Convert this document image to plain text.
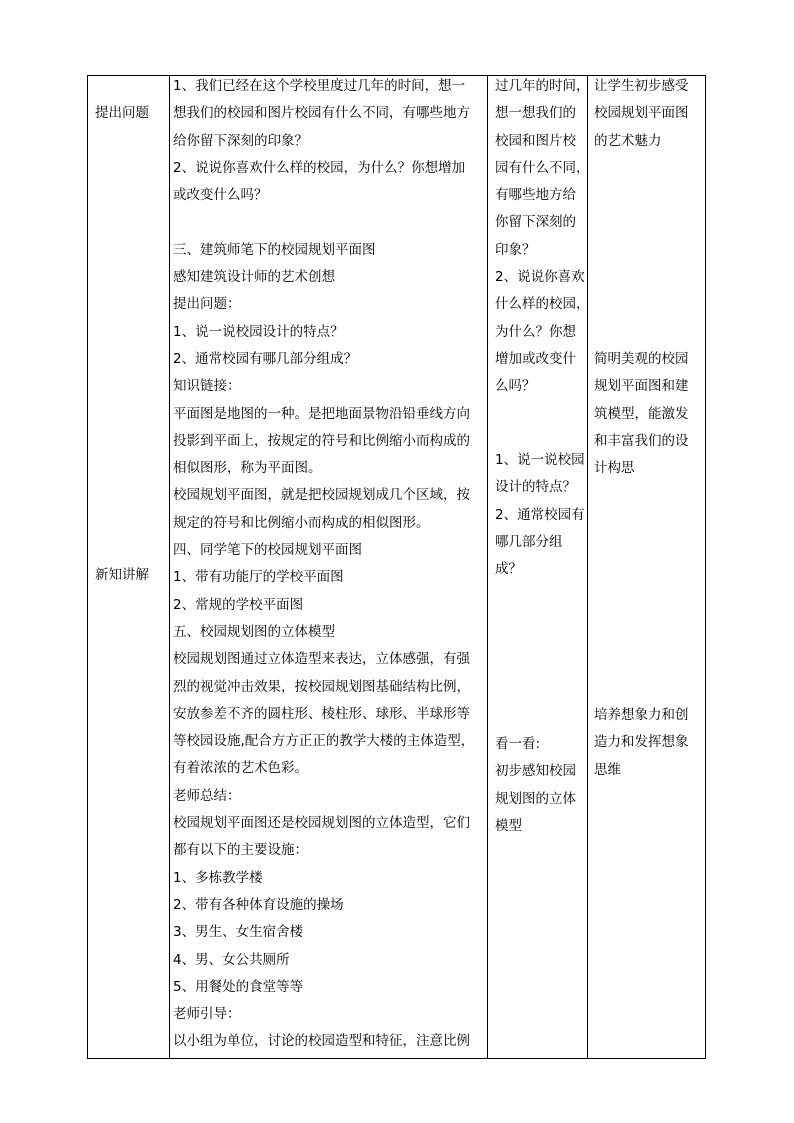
提出问题
新知讲解
1、我们已经在这个学校里度过几年的时间，想一
想我们的校园和图片校园有什么不同，有哪些地方
给你留下深刻的印象？
2、说说你喜欢什么样的校园，为什么？你想增加
或改变什么吗？
三、建筑师笔下的校园规划平面图
感知建筑设计师的艺术创想
提出问题：
1、说一说校园设计的特点？
2、通常校园有哪几部分组成？
知识链接：
平面图是地图的一种。是把地面景物沿铅垂线方向
投影到平面上，按规定的符号和比例缩小而构成的
相似图形，称为平面图。
校园规划平面图，就是把校园规划成几个区域，按
规定的符号和比例缩小而构成的相似图形。
四、同学笔下的校园规划平面图
1、带有功能厅的学校平面图
2、常规的学校平面图
五、校园规划图的立体模型
校园规划图通过立体造型来表达，立体感强，有强
烈的视觉冲击效果，按校园规划图基础结构比例，
安放参差不齐的圆柱形、棱柱形、球形、半球形等
等校园设施,配合方方正正的教学大楼的主体造型，
有着浓浓的艺术色彩。
老师总结：
校园规划平面图还是校园规划图的立体造型，它们
都有以下的主要设施：
1、多栋教学楼
2、带有各种体育设施的操场
3、男生、女生宿舍楼
4、男、女公共厕所
5、用餐处的食堂等等
老师引导：
以小组为单位，讨论的校园造型和特征，注意比例
过几年的时间，
想一想我们的
校园和图片校
园有什么不同，
有哪些地方给
你留下深刻的
印象？
2、说说你喜欢
什么样的校园，
为什么？你想
增加或改变什
么吗？
1、说一说校园
设计的特点？
2、通常校园有
哪几部分组
成？
看一看:
初步感知校园
规划图的立体
模型
让学生初步感受
校园规划平面图
的艺术魅力
简明美观的校园
规划平面图和建
筑模型，能激发
和丰富我们的设
计构思
培养想象力和创
造力和发挥想象
思维
